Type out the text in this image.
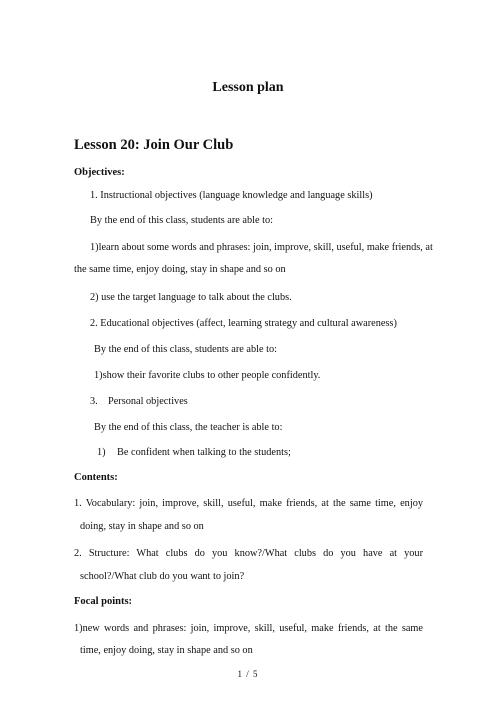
Lesson plan
Lesson 20: Join Our Club
Objectives:
1. Instructional objectives (language knowledge and language skills)
By the end of this class, students are able to:
1)learn about some words and phrases: join, improve, skill, useful, make friends, at
the same time, enjoy doing, stay in shape and so on
2) use the target language to talk about the clubs.
2. Educational objectives (affect, learning strategy and cultural awareness)
By the end of this class, students are able to:
1)show their favorite clubs to other people confidently.
3. Personal objectives
By the end of this class, the teacher is able to:
1) Be confident when talking to the students;
Contents:
1. Vocabulary: join, improve, skill, useful, make friends, at the same time, enjoy
doing, stay in shape and so on
2. Structure: What clubs do you know?/What clubs do you have at your
school?/What club do you want to join?
Focal points:
1)new words and phrases: join, improve, skill, useful, make friends, at the same
time, enjoy doing, stay in shape and so on
1 / 5
